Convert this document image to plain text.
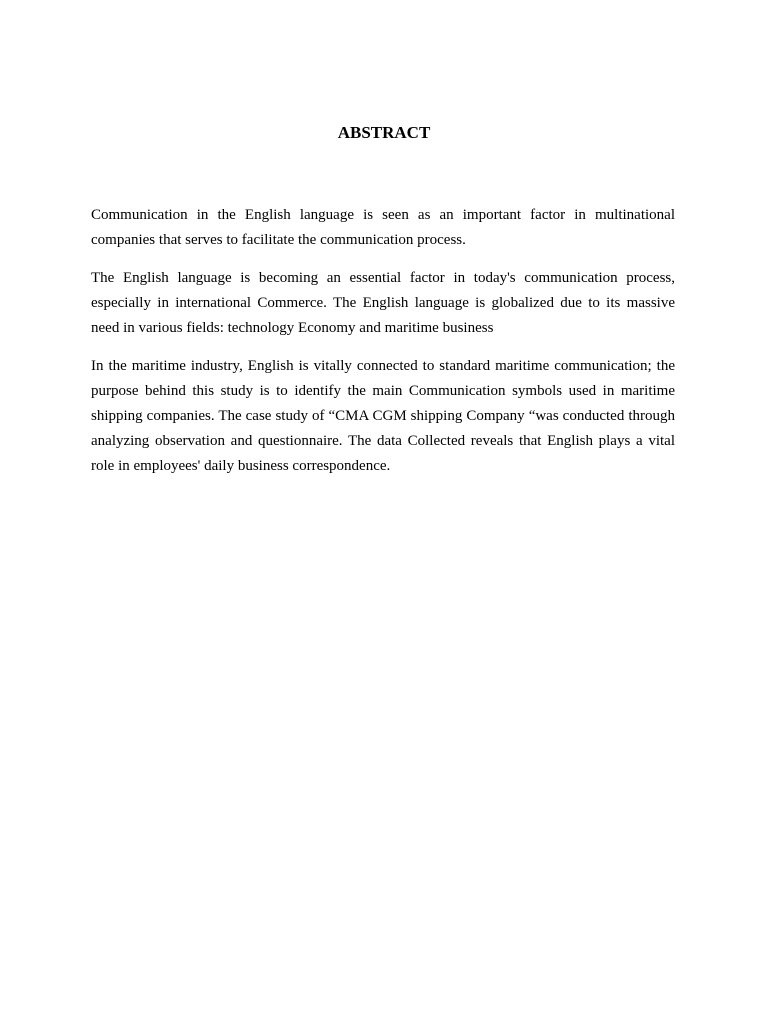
ABSTRACT

Communication in the English language is seen as an important factor in multinational companies that serves to facilitate the communication process.

The English language is becoming an essential factor in today's communication process, especially in international Commerce. The English language is globalized due to its massive need in various fields: technology Economy and maritime business

In the maritime industry, English is vitally connected to standard maritime communication; the purpose behind this study is to identify the main Communication symbols used in maritime shipping companies. The case study of “CMA CGM shipping Company “was conducted through analyzing observation and questionnaire. The data Collected reveals that English plays a vital role in employees' daily business correspondence.
